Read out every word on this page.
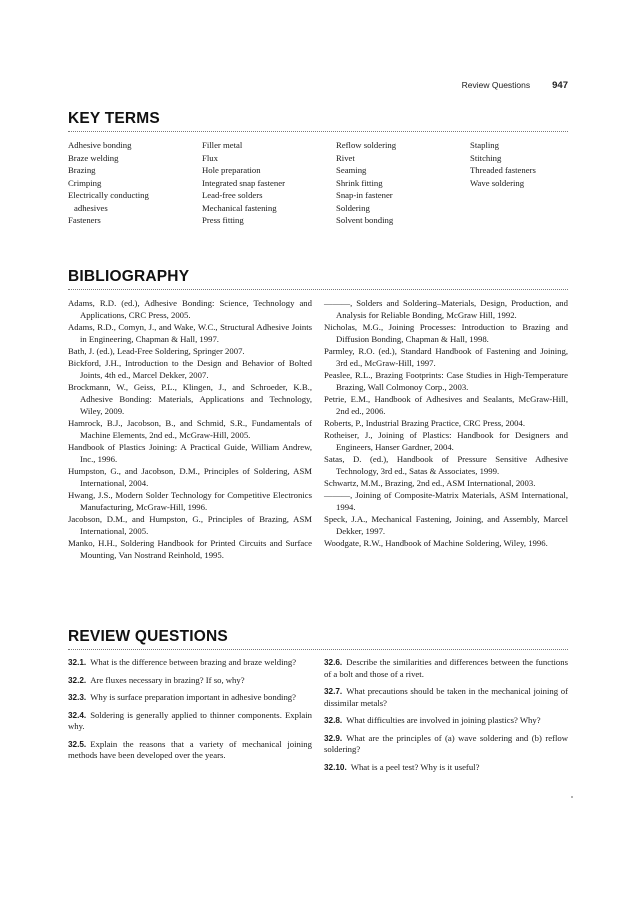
Review Questions 947
KEY TERMS
Adhesive bonding
Braze welding
Brazing
Crimping
Electrically conducting
adhesives
Fasteners
Filler metal
Flux
Hole preparation
Integrated snap fastener
Lead-free solders
Mechanical fastening
Press fitting
Reflow soldering
Rivet
Seaming
Shrink fitting
Snap-in fastener
Soldering
Solvent bonding
Stapling
Stitching
Threaded fasteners
Wave soldering
BIBLIOGRAPHY

Adams, R.D. (ed.), Adhesive Bonding: Science, Technology and Applications, CRC Press, 2005.

Adams, R.D., Comyn, J., and Wake, W.C., Structural Adhesive Joints in Engineering, Chapman & Hall, 1997.

Bath, J. (ed.), Lead-Free Soldering, Springer 2007.

Bickford, J.H., Introduction to the Design and Behavior of Bolted Joints, 4th ed., Marcel Dekker, 2007.

Brockmann, W., Geiss, P.L., Klingen, J., and Schroeder, K.B., Adhesive Bonding: Materials, Applications and Technology, Wiley, 2009.

Hamrock, B.J., Jacobson, B., and Schmid, S.R., Fundamentals of Machine Elements, 2nd ed., McGraw-Hill, 2005.

Handbook of Plastics Joining: A Practical Guide, William Andrew, Inc., 1996.

Humpston, G., and Jacobson, D.M., Principles of Soldering, ASM International, 2004.

Hwang, J.S., Modern Solder Technology for Competitive Electronics Manufacturing, McGraw-Hill, 1996.

Jacobson, D.M., and Humpston, G., Principles of Brazing, ASM International, 2005.

Manko, H.H., Soldering Handbook for Printed Circuits and Surface Mounting, Van Nostrand Reinhold, 1995.

———, Solders and Soldering–Materials, Design, Production, and Analysis for Reliable Bonding, McGraw Hill, 1992.

Nicholas, M.G., Joining Processes: Introduction to Brazing and Diffusion Bonding, Chapman & Hall, 1998.

Parmley, R.O. (ed.), Standard Handbook of Fastening and Joining, 3rd ed., McGraw-Hill, 1997.

Peaslee, R.L., Brazing Footprints: Case Studies in High-Temperature Brazing, Wall Colmonoy Corp., 2003.

Petrie, E.M., Handbook of Adhesives and Sealants, McGraw-Hill, 2nd ed., 2006.

Roberts, P., Industrial Brazing Practice, CRC Press, 2004.

Rotheiser, J., Joining of Plastics: Handbook for Designers and Engineers, Hanser Gardner, 2004.

Satas, D. (ed.), Handbook of Pressure Sensitive Adhesive Technology, 3rd ed., Satas & Associates, 1999.

Schwartz, M.M., Brazing, 2nd ed., ASM International, 2003.

———, Joining of Composite-Matrix Materials, ASM International, 1994.

Speck, J.A., Mechanical Fastening, Joining, and Assembly, Marcel Dekker, 1997.

Woodgate, R.W., Handbook of Machine Soldering, Wiley, 1996.

REVIEW QUESTIONS

32.1. What is the difference between brazing and braze welding?

32.2. Are fluxes necessary in brazing? If so, why?

32.3. Why is surface preparation important in adhesive bonding?

32.4. Soldering is generally applied to thinner components. Explain why.

32.5. Explain the reasons that a variety of mechanical joining methods have been developed over the years.

32.6. Describe the similarities and differences between the functions of a bolt and those of a rivet.

32.7. What precautions should be taken in the mechanical joining of dissimilar metals?

32.8. What difficulties are involved in joining plastics? Why?

32.9. What are the principles of (a) wave soldering and (b) reflow soldering?

32.10. What is a peel test? Why is it useful?
